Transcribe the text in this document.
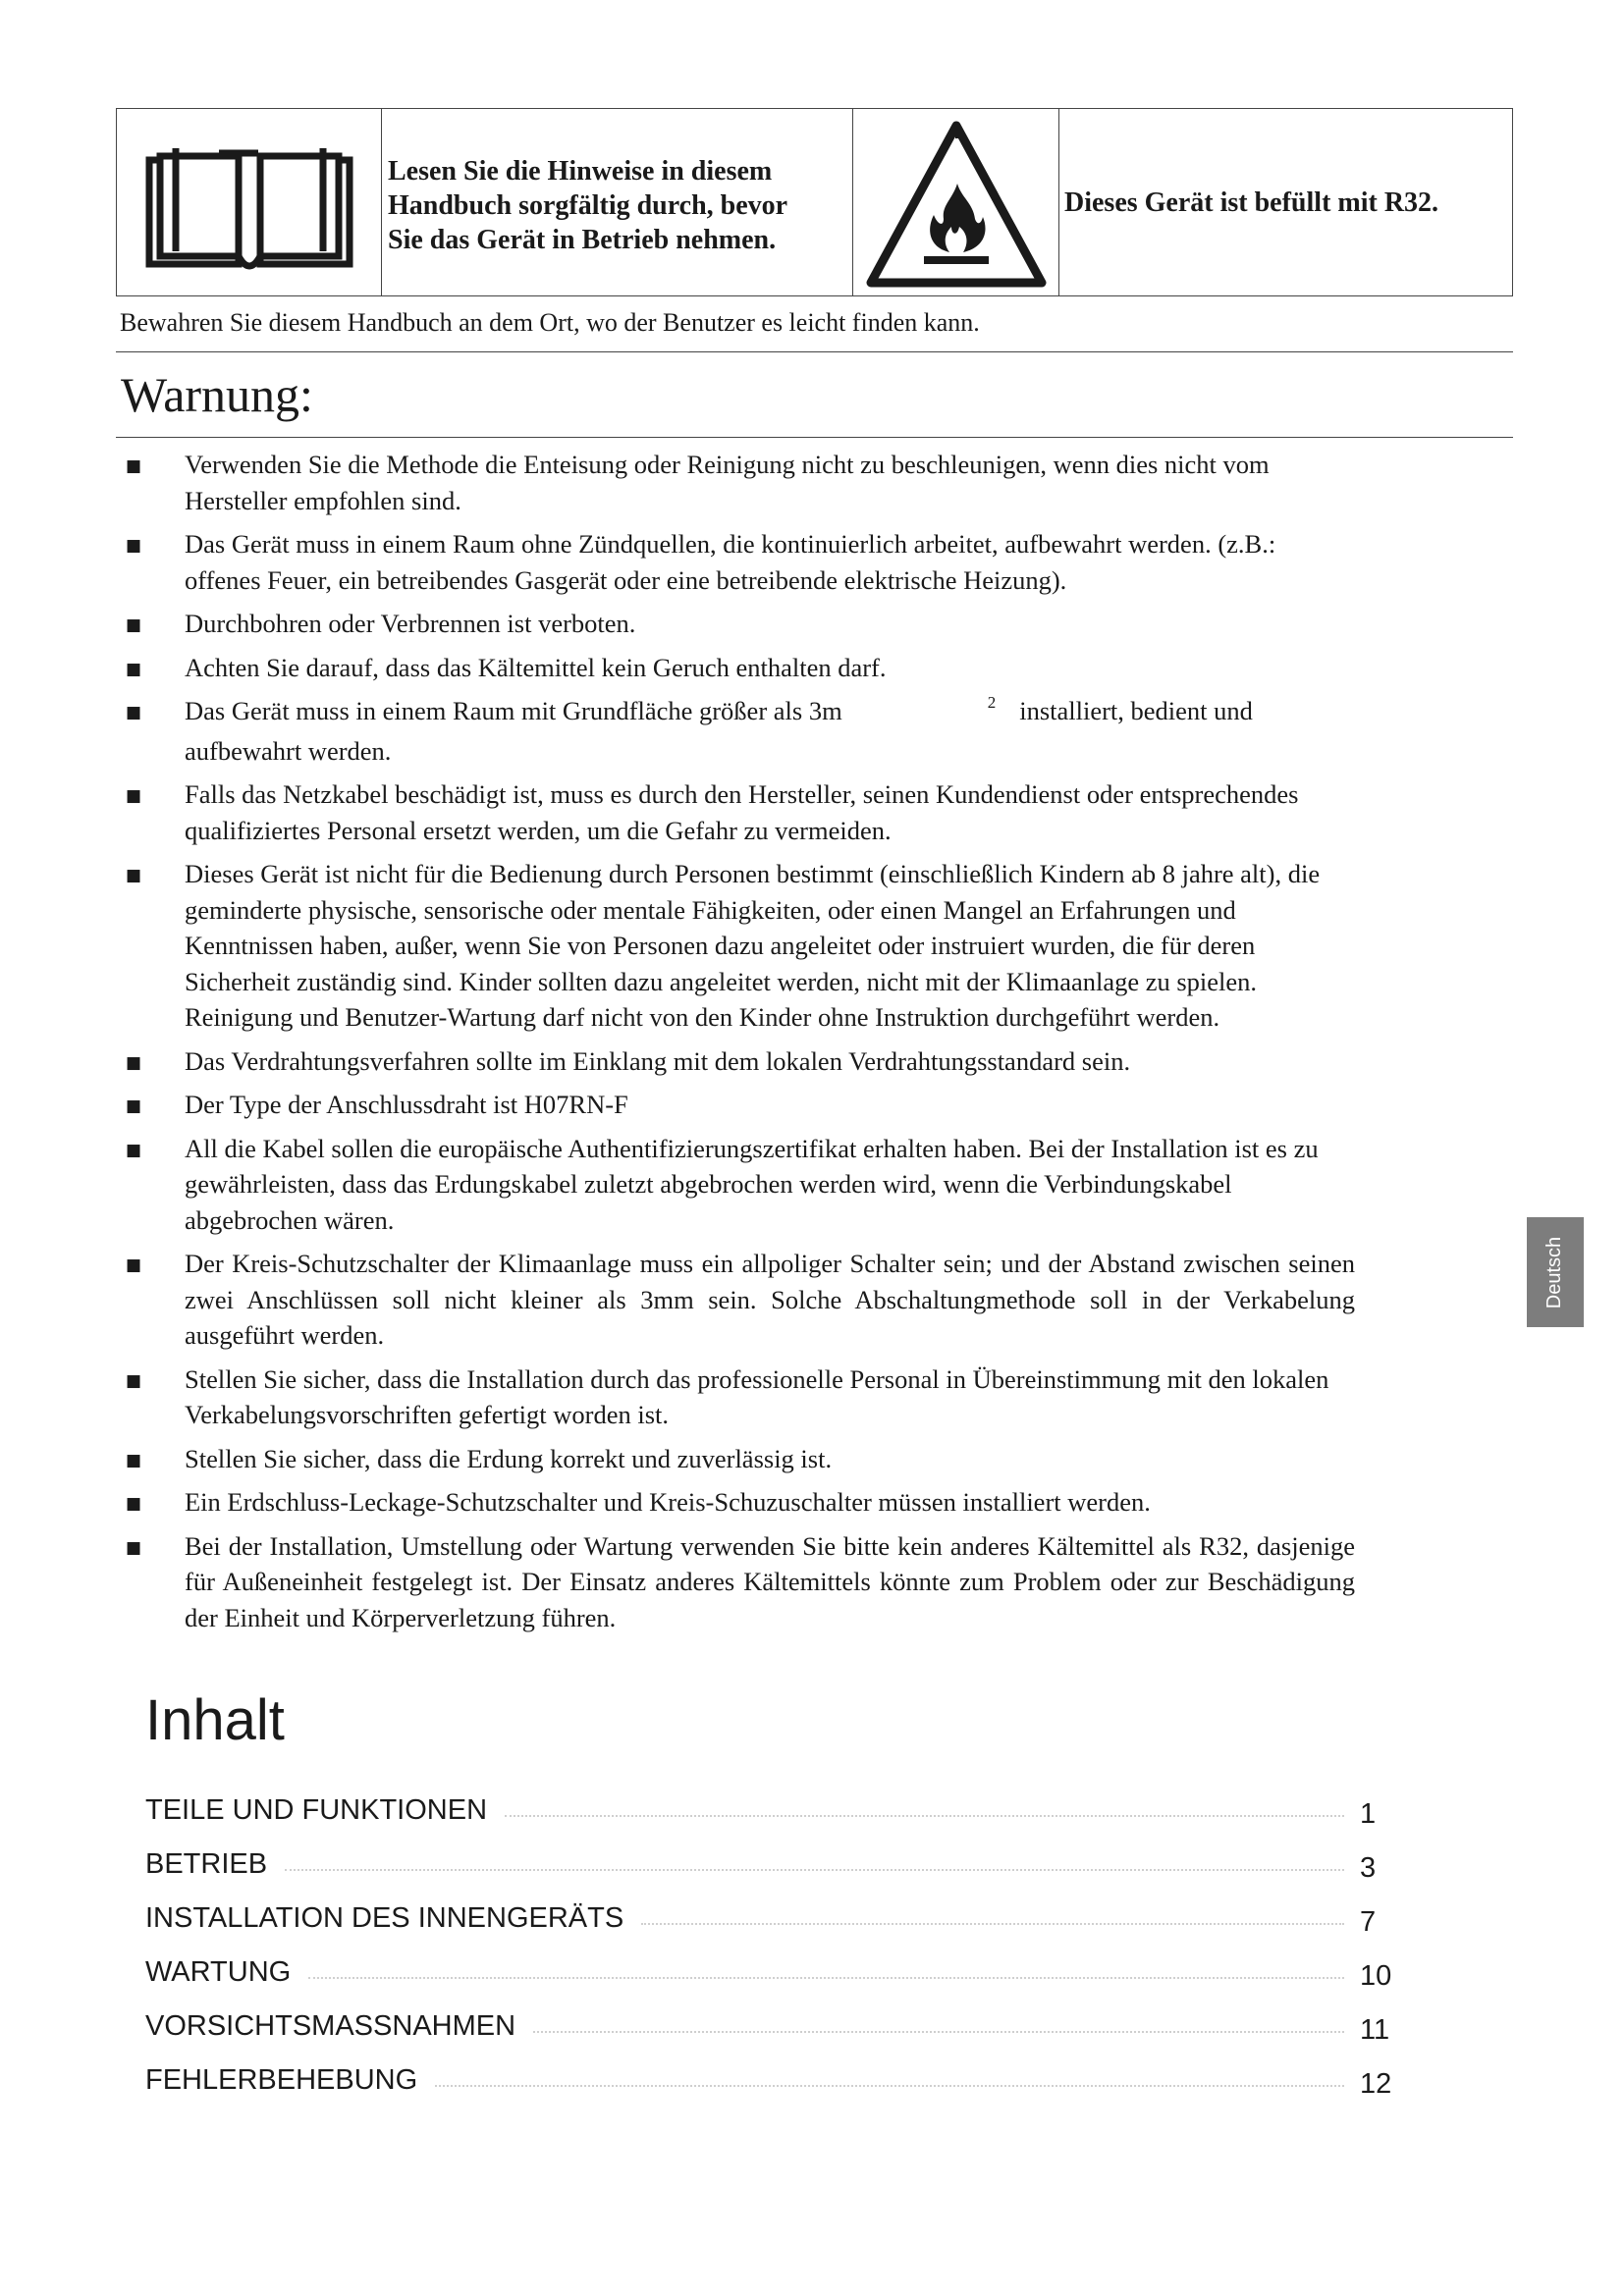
Lesen Sie die Hinweise in diesem
Handbuch sorgfältig durch, bevor
Sie das Gerät in Betrieb nehmen.
Dieses Gerät ist befüllt mit R32.
Bewahren Sie diesem Handbuch an dem Ort, wo der Benutzer es leicht finden kann.
Warnung:
■	Verwenden Sie die Methode die Enteisung oder Reinigung nicht zu beschleunigen, wenn dies nicht vom Hersteller empfohlen sind.
■	Das Gerät muss in einem Raum ohne Zündquellen, die kontinuierlich arbeitet, aufbewahrt werden. (z.B.: offenes Feuer, ein betreibendes Gasgerät oder eine betreibende elektrische Heizung).
■	Durchbohren oder Verbrennen ist verboten.
■	Achten Sie darauf, dass das Kältemittel kein Geruch enthalten darf.
■	Das Gerät muss in einem Raum mit Grundfläche größer als 3m	$^2$ installiert, bedient und aufbewahrt werden.
■	Falls das Netzkabel beschädigt ist, muss es durch den Hersteller, seinen Kundendienst oder entsprechendes qualifiziertes Personal ersetzt werden, um die Gefahr zu vermeiden.
■	Dieses Gerät ist nicht für die Bedienung durch Personen bestimmt (einschließlich Kindern ab 8 jahre alt), die geminderte physische, sensorische oder mentale Fähigkeiten, oder einen Mangel an Erfahrungen und Kenntnissen haben, außer, wenn Sie von Personen dazu angeleitet oder instruiert wurden, die für deren Sicherheit zuständig sind. Kinder sollten dazu angeleitet werden, nicht mit der Klimaanlage zu spielen. Reinigung und Benutzer-Wartung darf nicht von den Kinder ohne Instruktion durchgeführt werden.
■	Das Verdrahtungsverfahren sollte im Einklang mit dem lokalen Verdrahtungsstandard sein.
■	Der Type der Anschlussdraht ist H07RN-F
■	All die Kabel sollen die europäische Authentifizierungszertifikat erhalten haben. Bei der Installation ist es zu gewährleisten, dass das Erdungskabel zuletzt abgebrochen werden wird, wenn die Verbindungskabel abgebrochen wären.
■	Der Kreis-Schutzschalter der Klimaanlage muss ein allpoliger Schalter sein; und der Abstand zwischen seinen zwei Anschlüssen soll nicht kleiner als 3mm sein. Solche Abschaltungmethode soll in der Verkabelung ausgeführt werden.
■	Stellen Sie sicher, dass die Installation durch das professionelle Personal in Übereinstimmung mit den lokalen Verkabelungsvorschriften gefertigt worden ist.
■	Stellen Sie sicher, dass die Erdung korrekt und zuverlässig ist.
■	Ein Erdschluss-Leckage-Schutzschalter und Kreis-Schuzuschalter müssen installiert werden.
■	Bei der Installation, Umstellung oder Wartung verwenden Sie bitte kein anderes Kältemittel als R32, dasjenige für Außeneinheit festgelegt ist. Der Einsatz anderes Kältemittels könnte zum Problem oder zur Beschädigung der Einheit und Körperverletzung führen.
Deutsch
Inhalt
TEILE UND FUNKTIONEN	1
BETRIEB	3
INSTALLATION DES INNENGERÄTS	7
WARTUNG	10
VORSICHTSMASSNAHMEN	11
FEHLERBEHEBUNG	12
